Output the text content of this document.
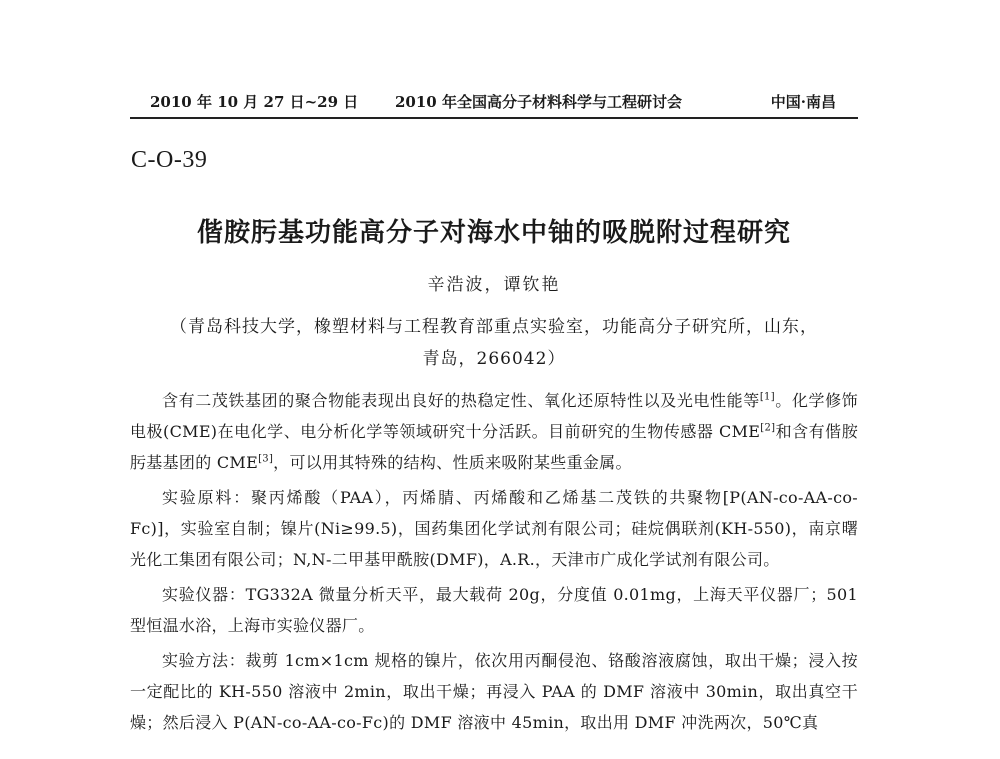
2010 年 10 月 27 日~29 日 2010 年全国高分子材料科学与工程研讨会	中国·南昌
C-O-39
偕胺肟基功能高分子对海水中铀的吸脱附过程研究
辛浩波，谭钦艳
（青岛科技大学，橡塑材料与工程教育部重点实验室，功能高分子研究所，山东，
青岛，266042）

含有二茂铁基团的聚合物能表现出良好的热稳定性、氧化还原特性以及光电性能等[1]。化学修饰电极(CME)在电化学、电分析化学等领域研究十分活跃。目前研究的生物传感器 CME[2]和含有偕胺肟基基团的 CME[3]，可以用其特殊的结构、性质来吸附某些重金属。

实验原料：聚丙烯酸（PAA），丙烯腈、丙烯酸和乙烯基二茂铁的共聚物[P(AN-co-AA-co-Fc)]，实验室自制；镍片(Ni≥99.5)，国药集团化学试剂有限公司；硅烷偶联剂(KH-550)，南京曙光化工集团有限公司；N,N-二甲基甲酰胺(DMF)，A.R.，天津市广成化学试剂有限公司。

实验仪器：TG332A 微量分析天平，最大载荷 20g，分度值 0.01mg，上海天平仪器厂；501 型恒温水浴，上海市实验仪器厂。

实验方法：裁剪 1cm×1cm 规格的镍片，依次用丙酮侵泡、铬酸溶液腐蚀，取出干燥；浸入按一定配比的 KH-550 溶液中 2min，取出干燥；再浸入 PAA 的 DMF 溶液中 30min，取出真空干燥；然后浸入 P(AN-co-AA-co-Fc)的 DMF 溶液中 45min，取出用 DMF 冲洗两次，50℃真
